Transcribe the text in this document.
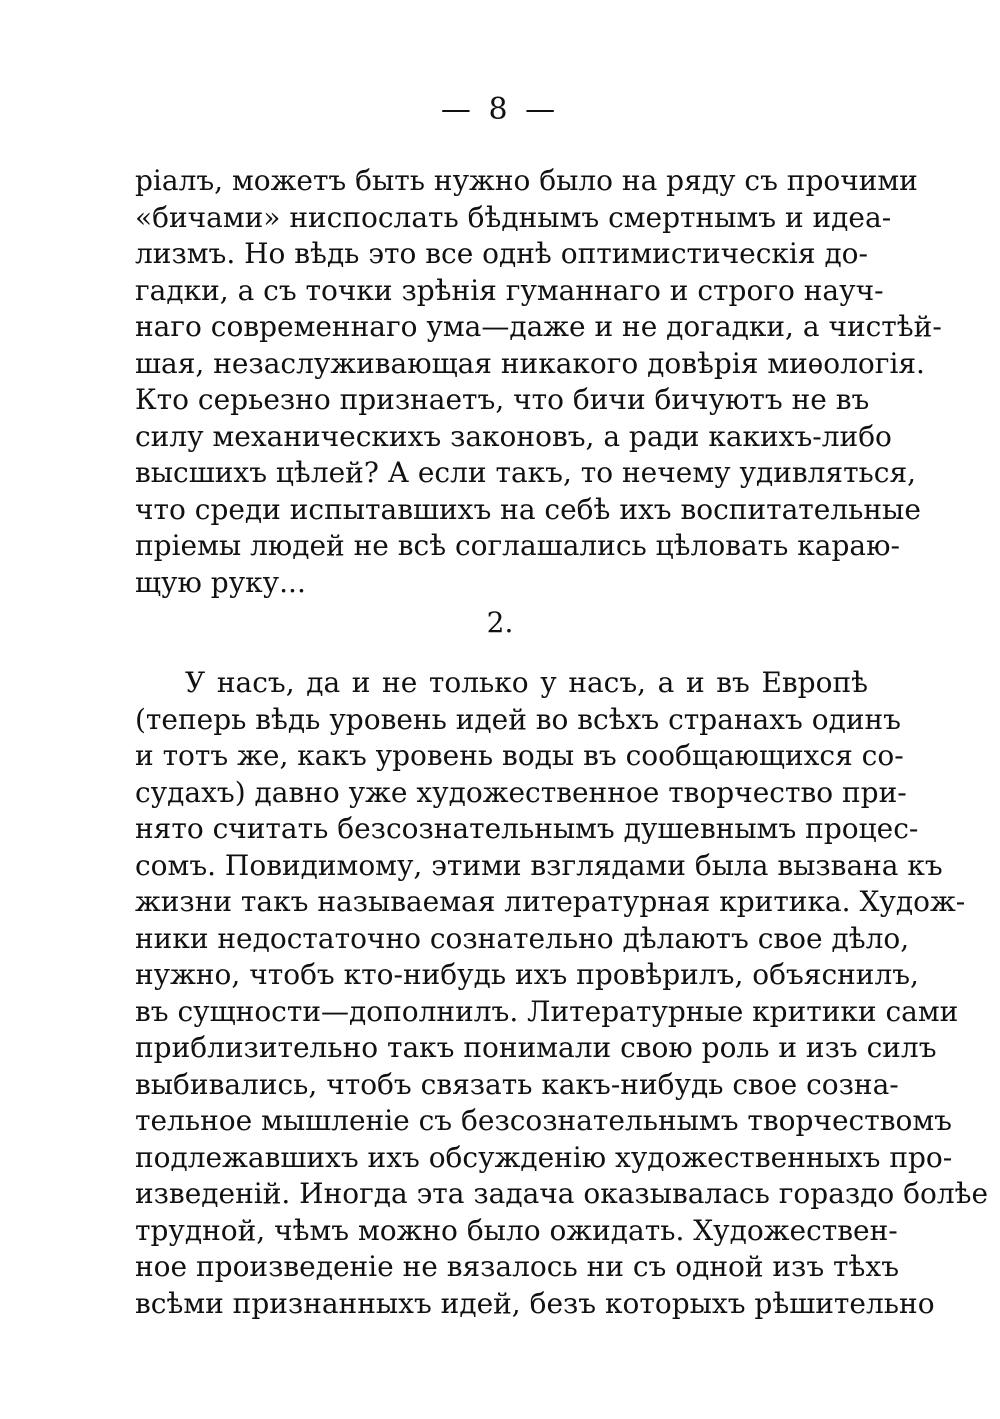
— 8 —
ріалъ, можетъ быть нужно было на ряду съ прочими
«бичами» ниспослать бѣднымъ смертнымъ и идеа-
лизмъ. Но вѣдь это все однѣ оптимистическія до-
гадки, а съ точки зрѣнія гуманнаго и строго науч-
наго современнаго ума—даже и не догадки, а чистѣй-
шая, незаслуживающая никакого довѣрія миѳологія.
Кто серьезно признаетъ, что бичи бичуютъ не въ
силу механическихъ законовъ, а ради какихъ-либо
высшихъ цѣлей? А если такъ, то нечему удивляться,
что среди испытавшихъ на себѣ ихъ воспитательные
пріемы людей не всѣ соглашались цѣловать караю-
щую руку...
2.
У насъ, да и не только у насъ, а и въ Европѣ
(теперь вѣдь уровень идей во всѣхъ странахъ одинъ
и тотъ же, какъ уровень воды въ сообщающихся со-
судахъ) давно уже художественное творчество при-
нято считать безсознательнымъ душевнымъ процес-
сомъ. Повидимому, этими взглядами была вызвана къ
жизни такъ называемая литературная критика. Худож-
ники недостаточно сознательно дѣлаютъ свое дѣло,
нужно, чтобъ кто-нибудь ихъ провѣрилъ, объяснилъ,
въ сущности—дополнилъ. Литературные критики сами
приблизительно такъ понимали свою роль и изъ силъ
выбивались, чтобъ связать какъ-нибудь свое созна-
тельное мышленіе съ безсознательнымъ творчествомъ
подлежавшихъ ихъ обсужденію художественныхъ про-
изведеній. Иногда эта задача оказывалась гораздо болѣе
трудной, чѣмъ можно было ожидать. Художествен-
ное произведеніе не вязалось ни съ одной изъ тѣхъ
всѣми признанныхъ идей, безъ которыхъ рѣшительно
